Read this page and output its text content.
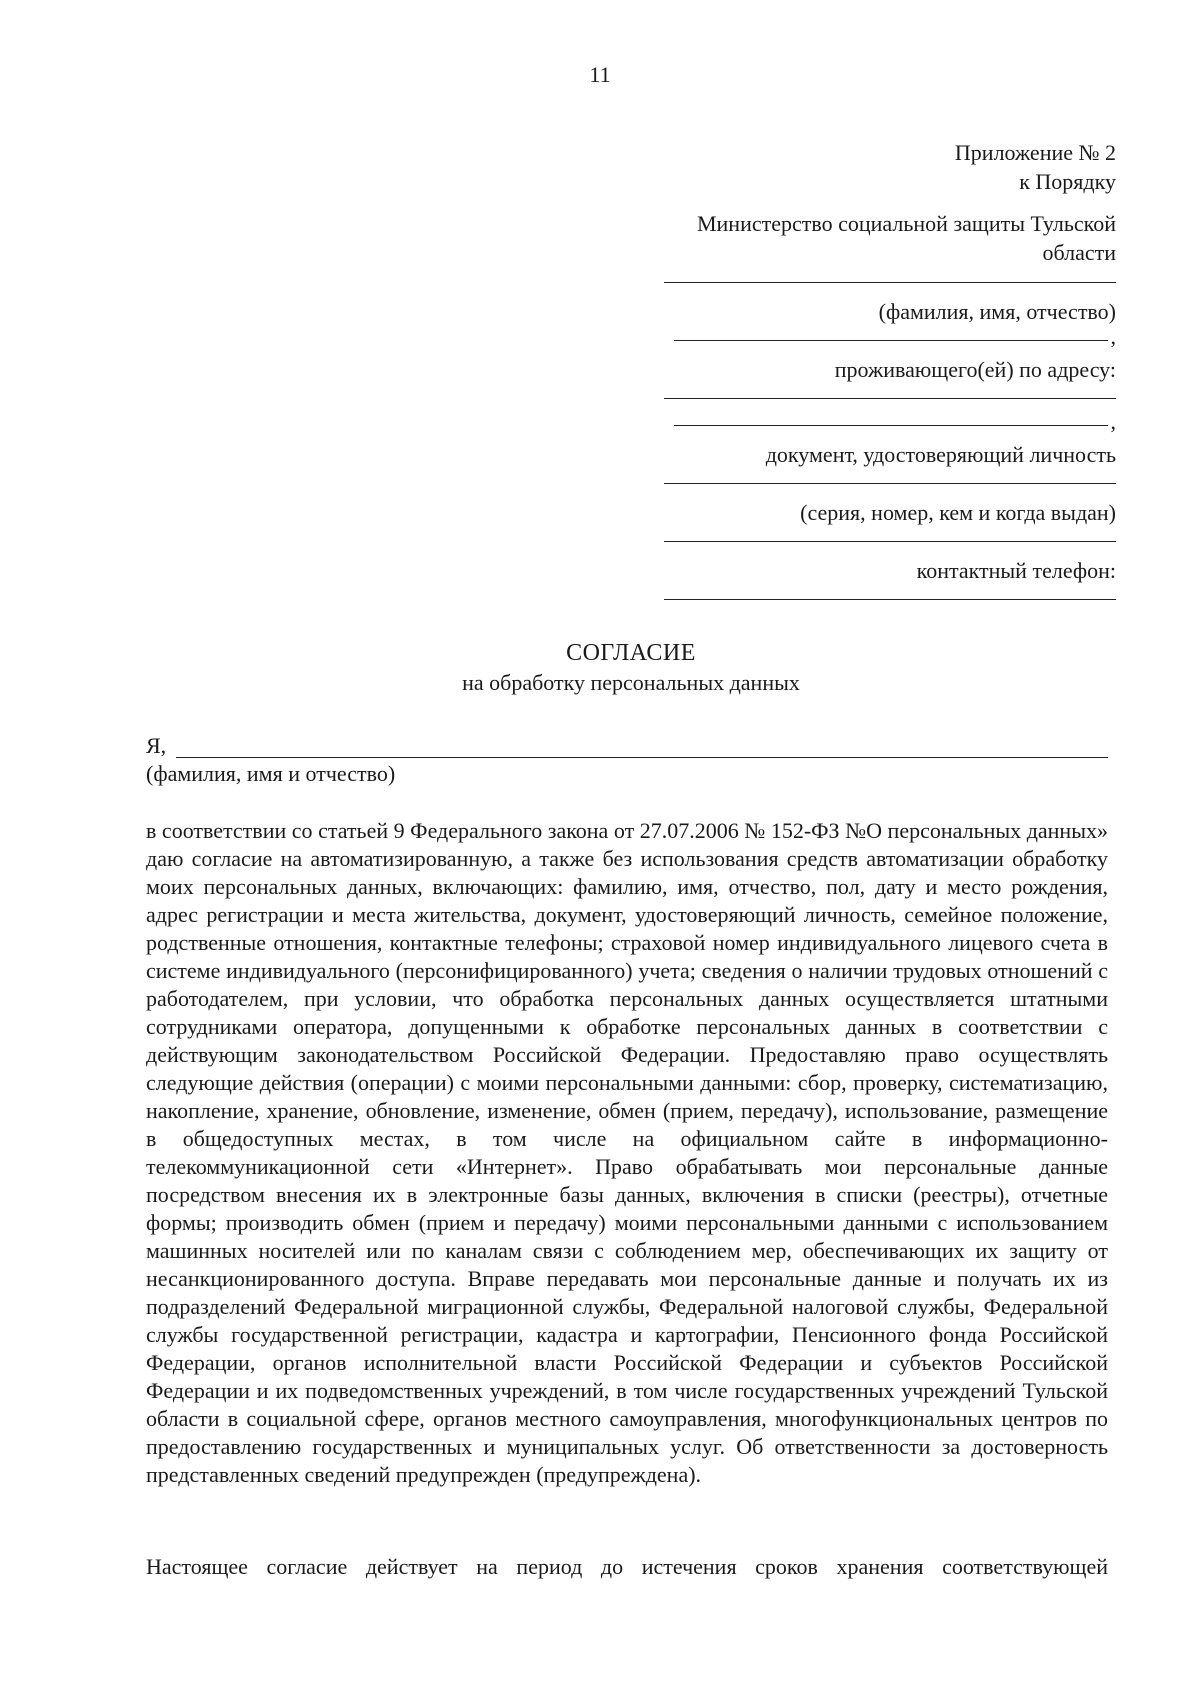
11
Приложение № 2
к Порядку
Министерство социальной защиты Тульской
области
(фамилия, имя, отчество)
,
проживающего(ей) по адресу:
,
документ, удостоверяющий личность
(серия, номер, кем и когда выдан)
контактный телефон:
СОГЛАСИЕ
на обработку персональных данных
Я,
(фамилия, имя и отчество)

в соответствии со статьей 9 Федерального закона от 27.07.2006 № 152-ФЗ №О персональных данных» даю согласие на автоматизированную, а также без использования средств автоматизации обработку моих персональных данных, включающих: фамилию, имя, отчество, пол, дату и место рождения, адрес регистрации и места жительства, документ, удостоверяющий личность, семейное положение, родственные отношения, контактные телефоны; страховой номер индивидуального лицевого счета в системе индивидуального (персонифицированного) учета; сведения о наличии трудовых отношений с работодателем, при условии, что обработка персональных данных осуществляется штатными сотрудниками оператора, допущенными к обработке персональных данных в соответствии с действующим законодательством Российской Федерации. Предоставляю право осуществлять следующие действия (операции) с моими персональными данными: сбор, проверку, систематизацию, накопление, хранение, обновление, изменение, обмен (прием, передачу), использование, размещение в общедоступных местах, в том числе на официальном сайте в информационно-телекоммуникационной сети «Интернет». Право обрабатывать мои персональные данные посредством внесения их в электронные базы данных, включения в списки (реестры), отчетные формы; производить обмен (прием и передачу) моими персональными данными с использованием машинных носителей или по каналам связи с соблюдением мер, обеспечивающих их защиту от несанкционированного доступа. Вправе передавать мои персональные данные и получать их из подразделений Федеральной миграционной службы, Федеральной налоговой службы, Федеральной службы государственной регистрации, кадастра и картографии, Пенсионного фонда Российской Федерации, органов исполнительной власти Российской Федерации и субъектов Российской Федерации и их подведомственных учреждений, в том числе государственных учреждений Тульской области в социальной сфере, органов местного самоуправления, многофункциональных центров по предоставлению государственных и муниципальных услуг. Об ответственности за достоверность представленных сведений предупрежден (предупреждена).

Настоящее согласие действует на период до истечения сроков хранения соответствующей
